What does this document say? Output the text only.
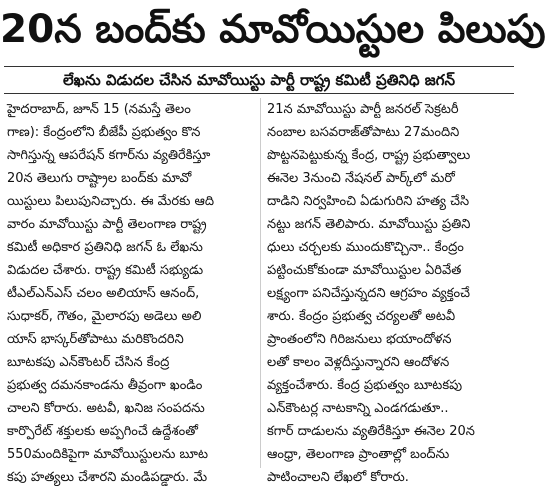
20న బంద్‌కు మావోయిస్టుల పిలుపు
లేఖను విడుదల చేసిన మావోయిస్టు పార్టీ రాష్ట్ర కమిటీ ప్రతినిధి జగన్
హైదరాబాద్‌, జూన్‌ 15 (నమస్తే తెలం
గాణ): కేంద్రంలోని బీజేపీ ప్రభుత్వం కొన
సాగిస్తున్న ఆపరేషన్‌ కగార్‌ను వ్యతిరేకిస్తూ
20న తెలుగు రాష్ట్రాల బంద్‌కు మావో
యిస్టులు పిలుపునిచ్చారు. ఈ మేరకు ఆది
వారం మావోయిస్టు పార్టీ తెలంగాణ రాష్ట్ర
కమిటీ అధికార ప్రతినిధి జగన్‌ ఓ లేఖను
విడుదల చేశారు. రాష్ట్ర కమిటీ సభ్యుడు
టీఎల్‌ఎన్‌ఎస్‌ చలం అలియాస్‌ ఆనంద్‌,
సుధాకర్‌, గౌతం, మైలారపు అడెలు అలి
యాస్‌ భాస్కర్‌తోపాటు మరికొందరిని
బూటకపు ఎన్‌కౌంటర్‌ చేసిన కేంద్ర
ప్రభుత్వ దమనకాండను తీవ్రంగా ఖండిం
చాలని కోరారు. అటవీ, ఖనిజ సంపదను
కార్పొరేట్‌ శక్తులకు అప్పగించే ఉద్దేశంతో
550మందికిపైగా మావోయిస్టులను బూట
కపు హత్యలు చేశారని మండిపడ్డారు. మే
21న మావోయిస్టు పార్టీ జనరల్‌ సెక్రటరీ
నంబాల బసవరాజ్‌తోపాటు 27మందిని
పొట్టనపెట్టుకున్న కేంద్ర, రాష్ట్ర ప్రభుత్వాలు
ఈనెల 3నుంచి నేషనల్‌ పార్క్‌లో మరో
దాడిని నిర్వహించి ఏడుగురిని హత్య చేసి
నట్టు జగన్‌ తెలిపారు. మావోయిస్టు ప్రతిని
ధులు చర్చలకు ముందుకొచ్చినా.. కేంద్రం
పట్టించుకోకుండా మావోయిస్టుల ఏరివేత
లక్ష్యంగా పనిచేస్తున్నదని ఆగ్రహం వ్యక్తంచే
శారు. కేంద్రం ప్రభుత్వ చర్యలతో అటవీ
ప్రాంతంలోని గిరిజనులు భయాందోళన
లతో కాలం వెళ్లదీస్తున్నారని ఆందోళన
వ్యక్తంచేశారు. కేంద్ర ప్రభుత్వం బూటకపు
ఎన్‌కౌంటర్ల నాటకాన్ని ఎండగడుతూ..
కగార్‌ దాడులను వ్యతిరేకిస్తూ ఈనెల 20న
ఆంధ్రా, తెలంగాణ ప్రాంతాల్లో బంద్‌ను
పాటించాలని లేఖలో కోరారు.
